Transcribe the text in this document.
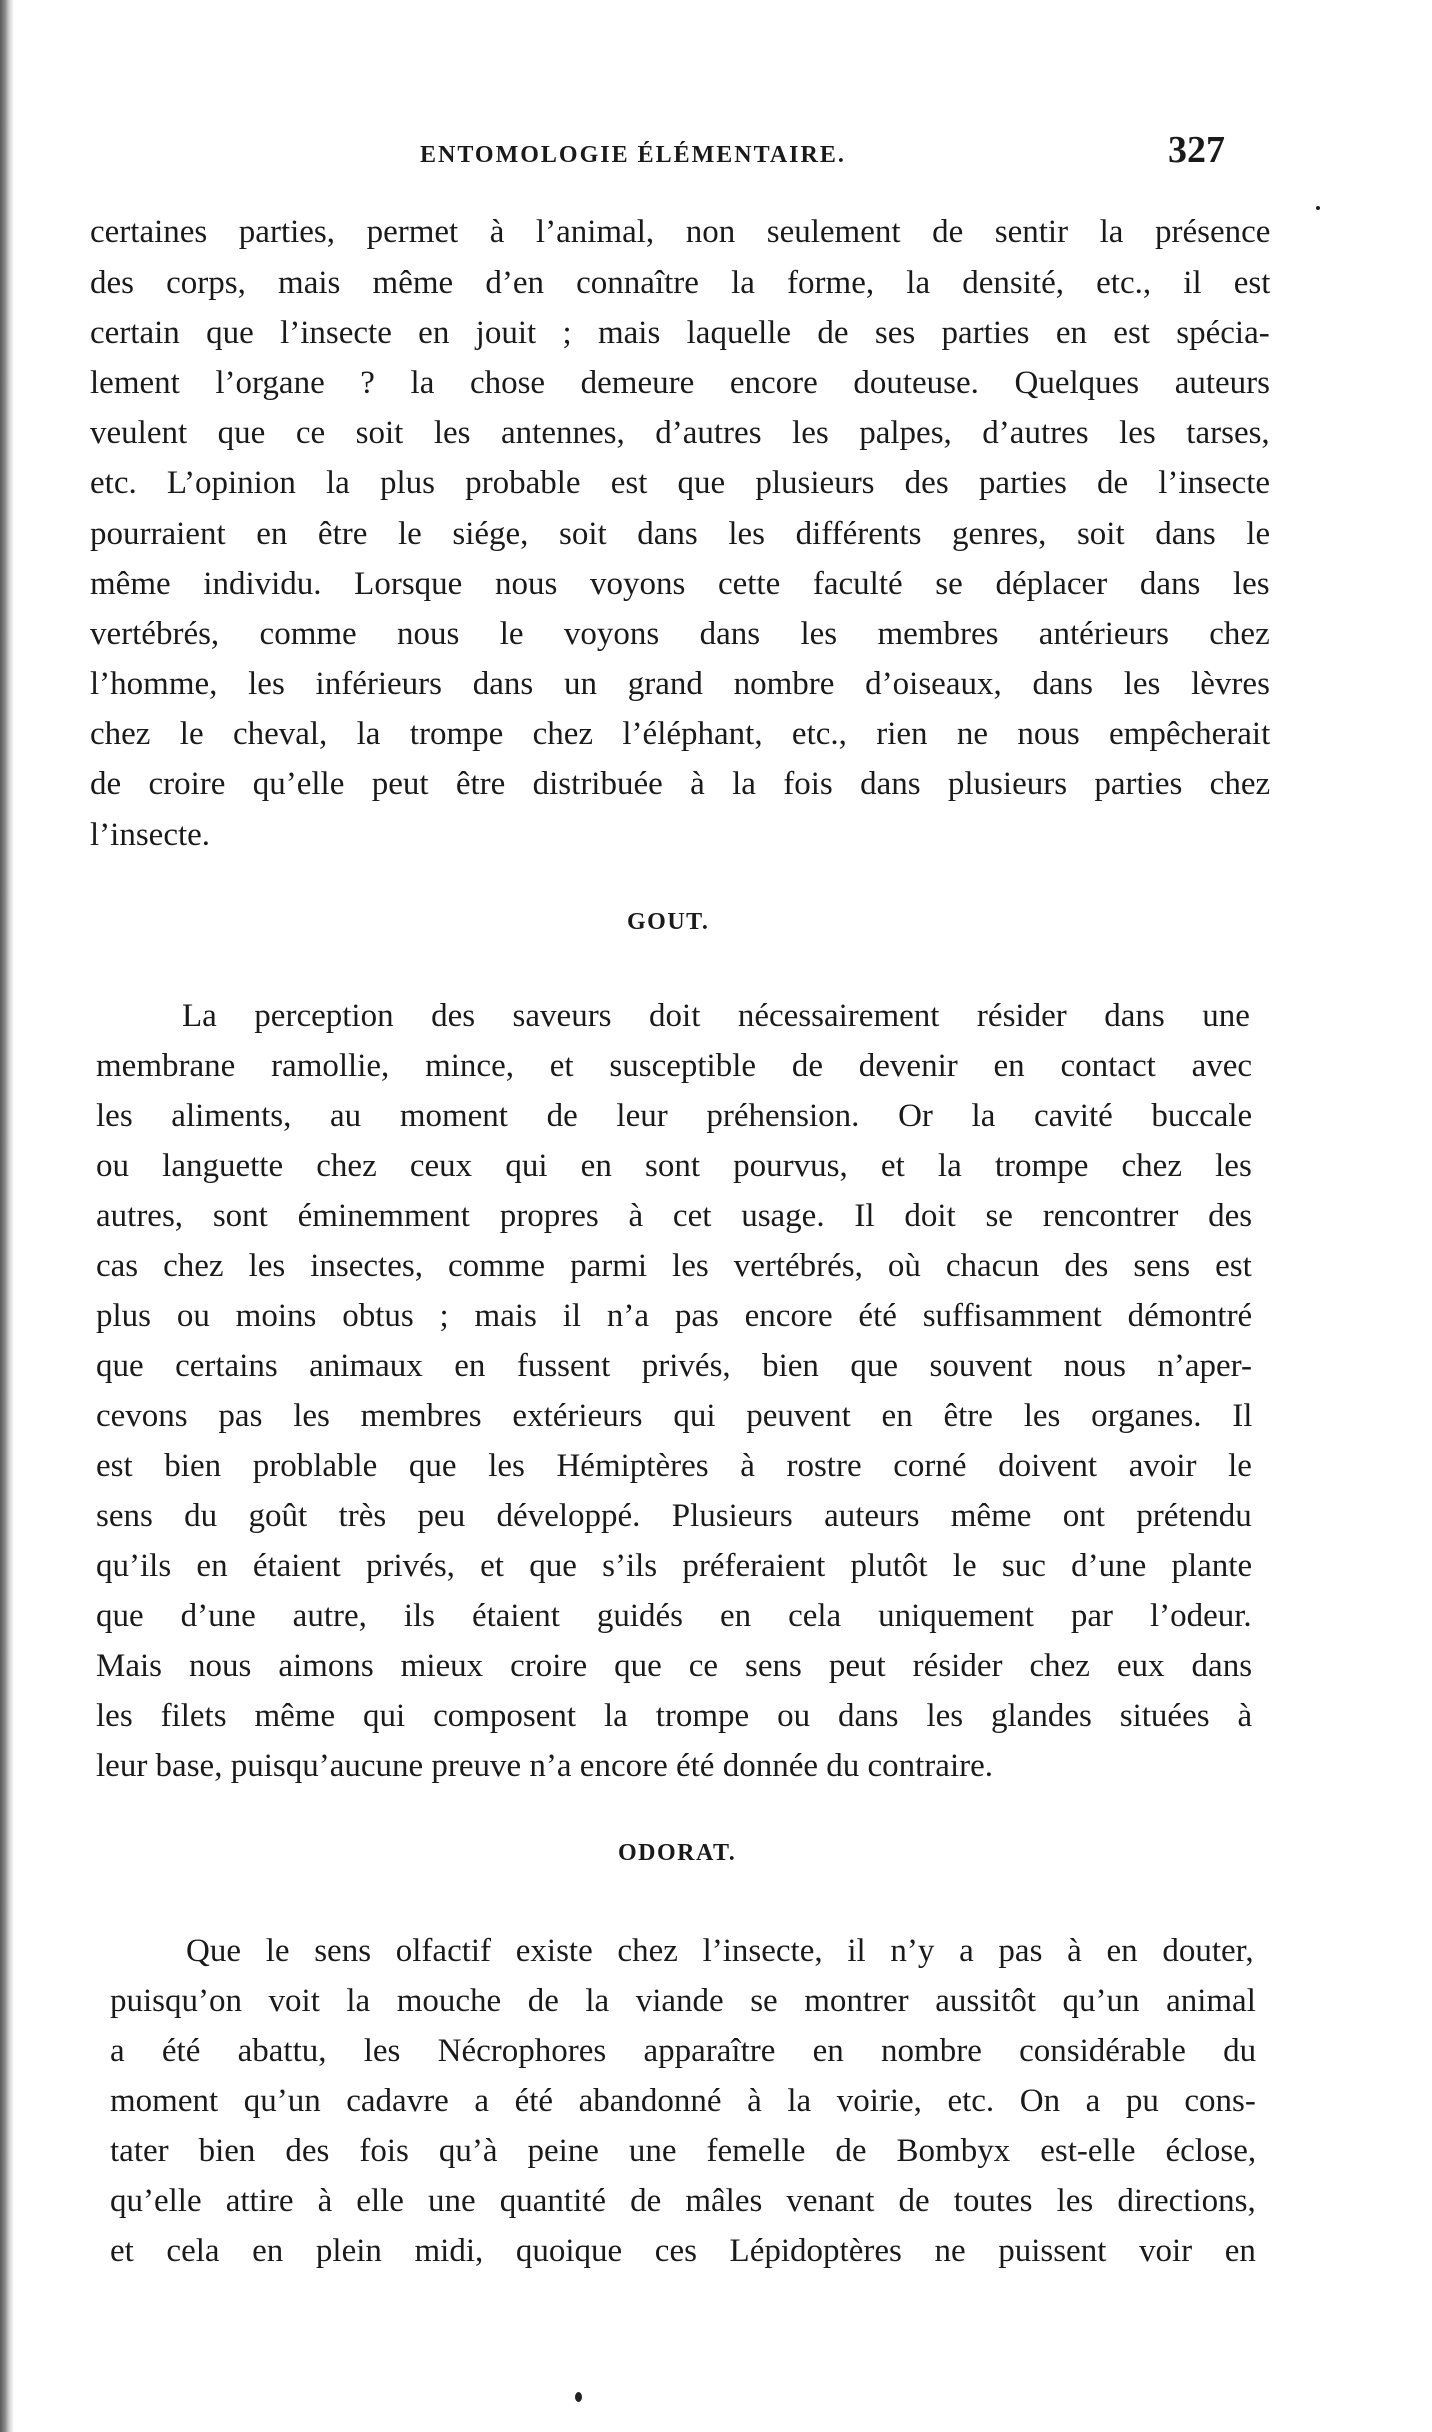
ENTOMOLOGIE ÉLÉMENTAIRE.	327
certaines parties, permet à l’animal, non seulement de sentir la présence
des corps, mais même d’en connaître la forme, la densité, etc., il est
certain que l’insecte en jouit ; mais laquelle de ses parties en est spécia-
lement l’organe ? la chose demeure encore douteuse. Quelques auteurs
veulent que ce soit les antennes, d’autres les palpes, d’autres les tarses,
etc. L’opinion la plus probable est que plusieurs des parties de l’insecte
pourraient en être le siége, soit dans les différents genres, soit dans le
même individu. Lorsque nous voyons cette faculté se déplacer dans les
vertébrés, comme nous le voyons dans les membres antérieurs chez
l’homme, les inférieurs dans un grand nombre d’oiseaux, dans les lèvres
chez le cheval, la trompe chez l’éléphant, etc., rien ne nous empêcherait
de croire qu’elle peut être distribuée à la fois dans plusieurs parties chez
l’insecte.
GOUT.
La perception des saveurs doit nécessairement résider dans une
membrane ramollie, mince, et susceptible de devenir en contact avec
les aliments, au moment de leur préhension. Or la cavité buccale
ou languette chez ceux qui en sont pourvus, et la trompe chez les
autres, sont éminemment propres à cet usage. Il doit se rencontrer des
cas chez les insectes, comme parmi les vertébrés, où chacun des sens est
plus ou moins obtus ; mais il n’a pas encore été suffisamment démontré
que certains animaux en fussent privés, bien que souvent nous n’aper-
cevons pas les membres extérieurs qui peuvent en être les organes. Il
est bien problable que les Hémiptères à rostre corné doivent avoir le
sens du goût très peu développé. Plusieurs auteurs même ont prétendu
qu’ils en étaient privés, et que s’ils préferaient plutôt le suc d’une plante
que d’une autre, ils étaient guidés en cela uniquement par l’odeur.
Mais nous aimons mieux croire que ce sens peut résider chez eux dans
les filets même qui composent la trompe ou dans les glandes situées à
leur base, puisqu’aucune preuve n’a encore été donnée du contraire.
ODORAT.
Que le sens olfactif existe chez l’insecte, il n’y a pas à en douter,
puisqu’on voit la mouche de la viande se montrer aussitôt qu’un animal
a été abattu, les Nécrophores apparaître en nombre considérable du
moment qu’un cadavre a été abandonné à la voirie, etc. On a pu cons-
tater bien des fois qu’à peine une femelle de Bombyx est-elle éclose,
qu’elle attire à elle une quantité de mâles venant de toutes les directions,
et cela en plein midi, quoique ces Lépidoptères ne puissent voir en
